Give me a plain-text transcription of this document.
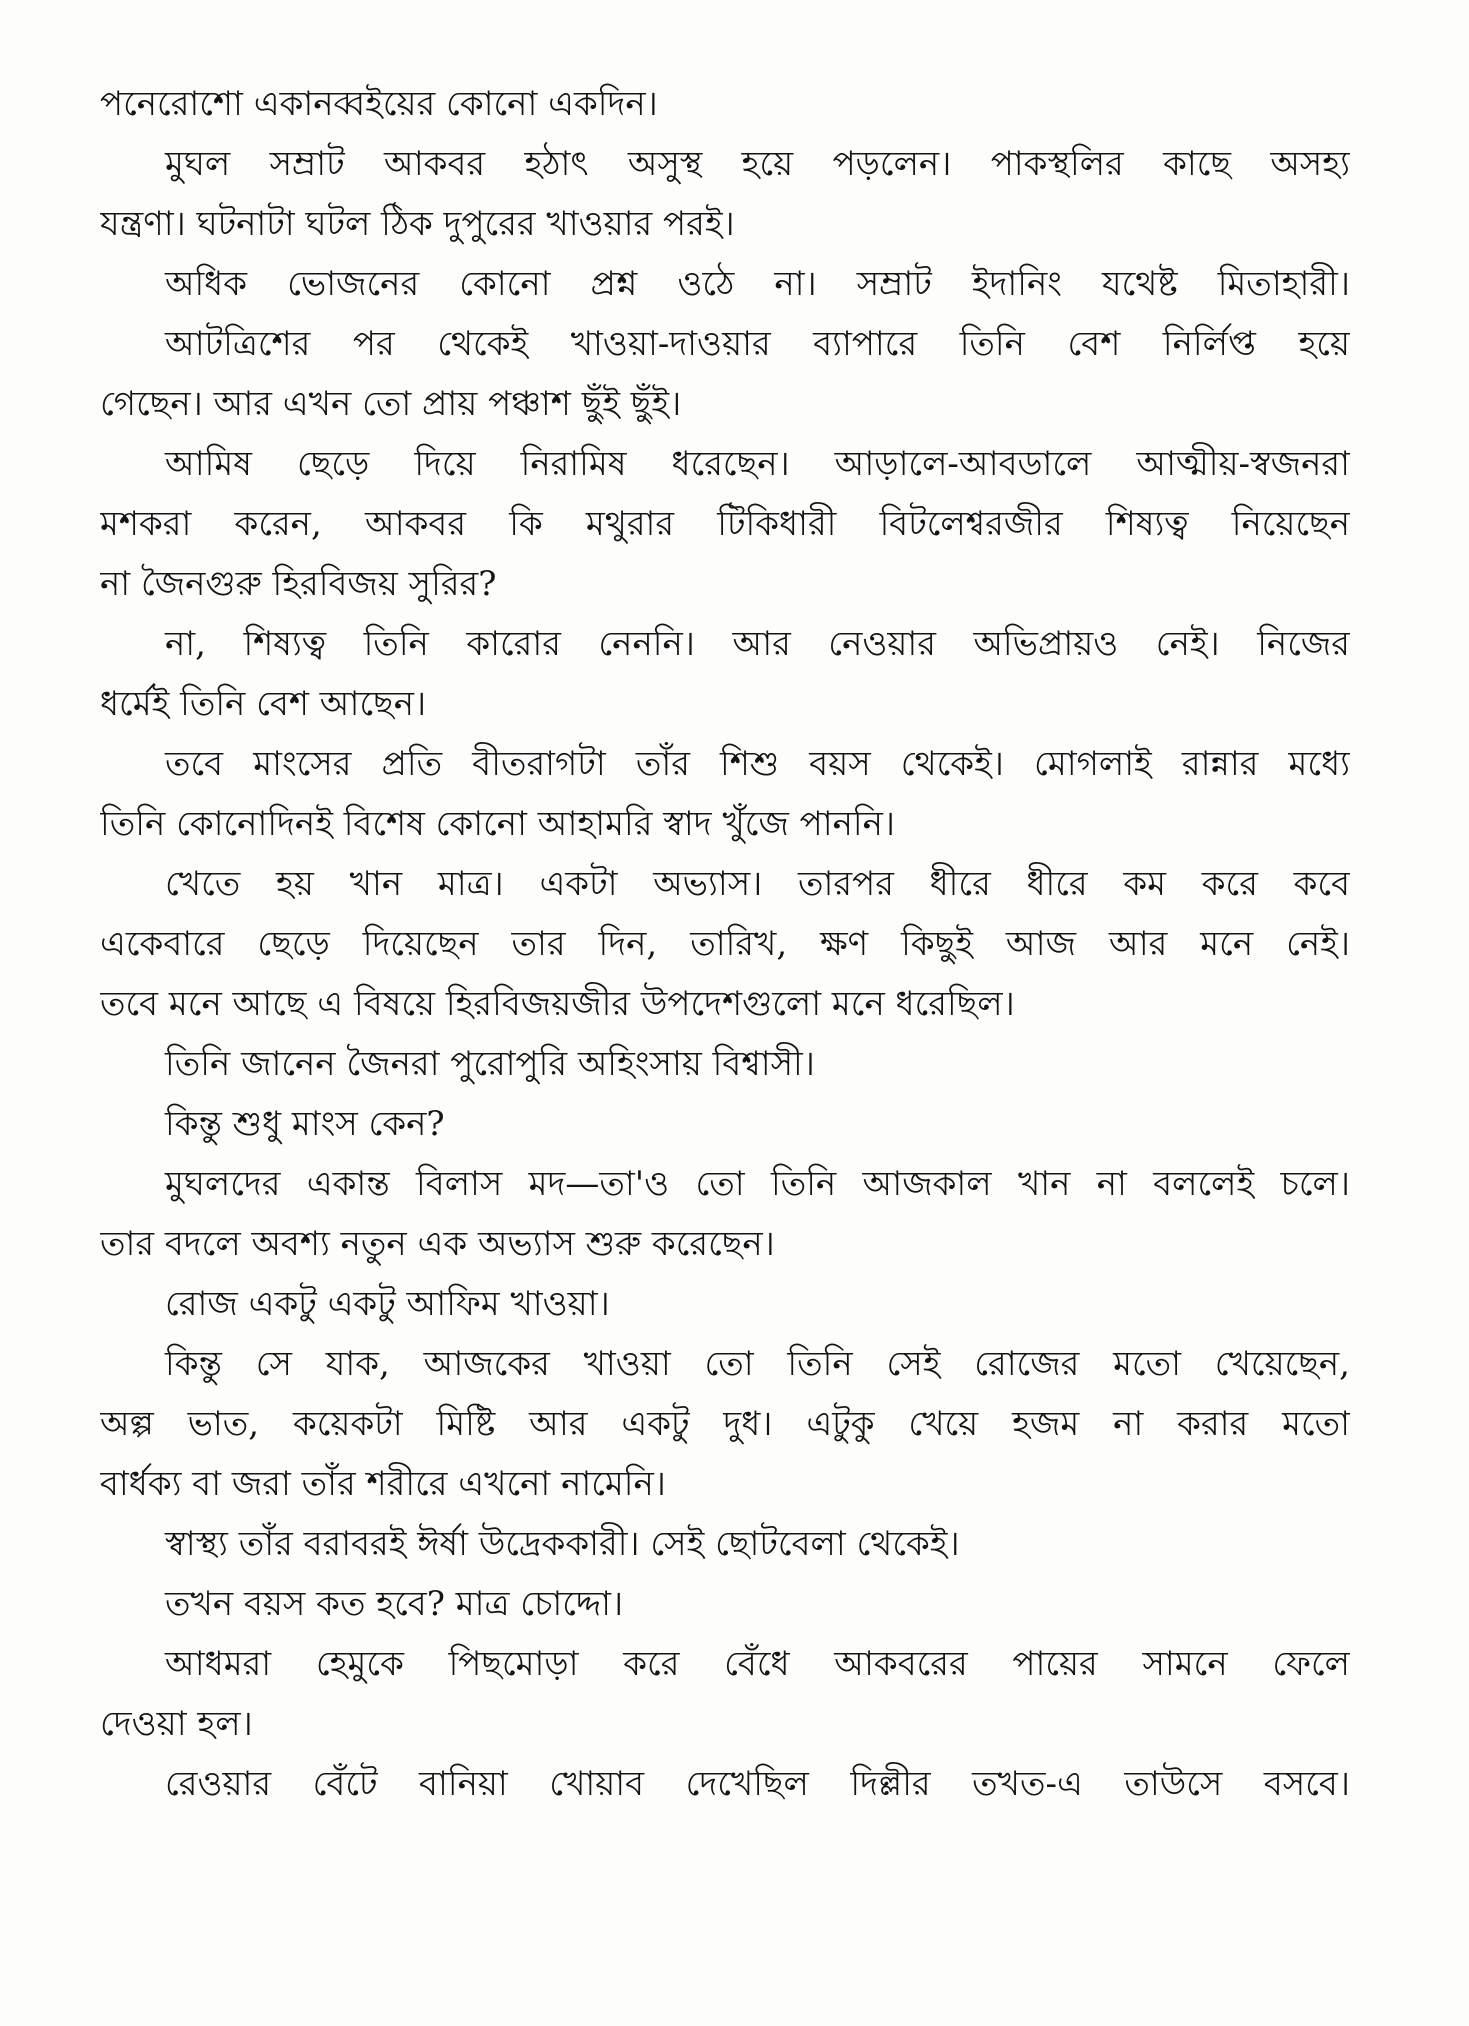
পনেরোশো একানব্বইয়ের কোনো একদিন।
মুঘল সম্রাট আকবর হঠাৎ অসুস্থ হয়ে পড়লেন। পাকস্থলির কাছে অসহ্য
যন্ত্রণা। ঘটনাটা ঘটল ঠিক দুপুরের খাওয়ার পরই।
অধিক ভোজনের কোনো প্রশ্ন ওঠে না। সম্রাট ইদানিং যথেষ্ট মিতাহারী।
আটত্রিশের পর থেকেই খাওয়া-দাওয়ার ব্যাপারে তিনি বেশ নির্লিপ্ত হয়ে
গেছেন। আর এখন তো প্রায় পঞ্চাশ ছুঁই ছুঁই।
আমিষ ছেড়ে দিয়ে নিরামিষ ধরেছেন। আড়ালে-আবডালে আত্মীয়-স্বজনরা
মশকরা করেন, আকবর কি মথুরার টিকিধারী বিটলেশ্বরজীর শিষ্যত্ব নিয়েছেন
না জৈনগুরু হিরবিজয় সুরির?
না, শিষ্যত্ব তিনি কারোর নেননি। আর নেওয়ার অভিপ্রায়ও নেই। নিজের
ধর্মেই তিনি বেশ আছেন।
তবে মাংসের প্রতি বীতরাগটা তাঁর শিশু বয়স থেকেই। মোগলাই রান্নার মধ্যে
তিনি কোনোদিনই বিশেষ কোনো আহামরি স্বাদ খুঁজে পাননি।
খেতে হয় খান মাত্র। একটা অভ্যাস। তারপর ধীরে ধীরে কম করে কবে
একেবারে ছেড়ে দিয়েছেন তার দিন, তারিখ, ক্ষণ কিছুই আজ আর মনে নেই।
তবে মনে আছে এ বিষয়ে হিরবিজয়জীর উপদেশগুলো মনে ধরেছিল।
তিনি জানেন জৈনরা পুরোপুরি অহিংসায় বিশ্বাসী।
কিন্তু শুধু মাংস কেন?
মুঘলদের একান্ত বিলাস মদ—তা'ও তো তিনি আজকাল খান না বললেই চলে।
তার বদলে অবশ্য নতুন এক অভ্যাস শুরু করেছেন।
রোজ একটু একটু আফিম খাওয়া।
কিন্তু সে যাক, আজকের খাওয়া তো তিনি সেই রোজের মতো খেয়েছেন,
অল্প ভাত, কয়েকটা মিষ্টি আর একটু দুধ। এটুকু খেয়ে হজম না করার মতো
বার্ধক্য বা জরা তাঁর শরীরে এখনো নামেনি।
স্বাস্থ্য তাঁর বরাবরই ঈর্ষা উদ্রেককারী। সেই ছোটবেলা থেকেই।
তখন বয়স কত হবে? মাত্র চোদ্দো।
আধমরা হেমুকে পিছমোড়া করে বেঁধে আকবরের পায়ের সামনে ফেলে
দেওয়া হল।
রেওয়ার বেঁটে বানিয়া খোয়াব দেখেছিল দিল্লীর তখত-এ তাউসে বসবে।
